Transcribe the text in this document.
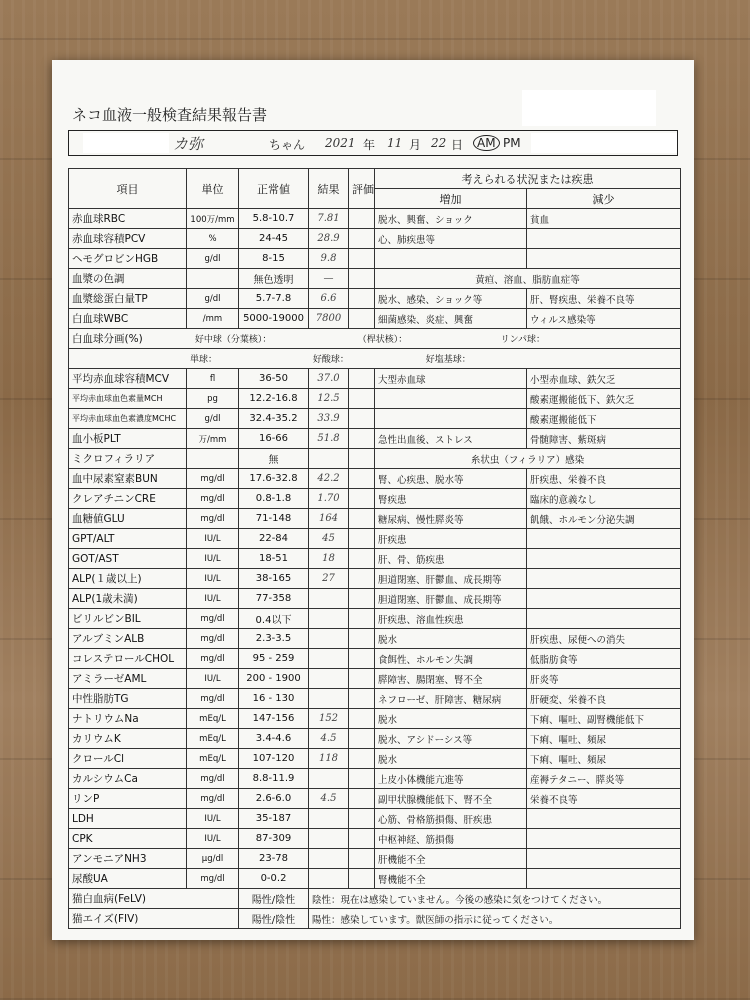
ネコ血液一般検査結果報告書
カ弥	ちゃん 2021 年 11 月 22 日	AM PM
項目	単位	正常値	結果	評価	考えられる状況または疾患	
					増加	減少
赤血球RBC	100万/mm	5.8-10.7	7.81		脱水、興奮、ショック	貧血
赤血球容積PCV	%	24-45	28.9		心、肺疾患等	
ヘモグロビンHGB	g/dl	8-15	9.8			
血漿の色調		無色透明	—		黄疸、溶血、脂肪血症等	
血漿総蛋白量TP	g/dl	5.7-7.8	6.6		脱水、感染、ショック等	肝、腎疾患、栄養不良等
白血球WBC	/mm	5000-19000	7800		細菌感染、炎症、興奮	ウィルス感染等
白血球分画(%) 好中球（分葉核）： （桿状核）： リンパ球：						
単球： 好酸球： 好塩基球：						
平均赤血球容積MCV	fl	36-50	37.0		大型赤血球	小型赤血球、鉄欠乏
平均赤血球血色素量MCH	pg	12.2-16.8	12.5			酸素運搬能低下、鉄欠乏
平均赤血球血色素濃度MCHC	g/dl	32.4-35.2	33.9			酸素運搬能低下
血小板PLT	万/mm	16-66	51.8		急性出血後、ストレス	骨髄障害、紫斑病
ミクロフィラリア		無			糸状虫（フィラリア）感染	
血中尿素窒素BUN	mg/dl	17.6-32.8	42.2		腎、心疾患、脱水等	肝疾患、栄養不良
クレアチニンCRE	mg/dl	0.8-1.8	1.70		腎疾患	臨床的意義なし
血糖値GLU	mg/dl	71-148	164		糖尿病、慢性膵炎等	飢餓、ホルモン分泌失調
GPT/ALT	IU/L	22-84	45		肝疾患	
GOT/AST	IU/L	18-51	18		肝、骨、筋疾患	
ALP(１歳以上)	IU/L	38-165	27		胆道閉塞、肝鬱血、成長期等	
ALP(1歳未満)	IU/L	77-358			胆道閉塞、肝鬱血、成長期等	
ビリルビンBIL	mg/dl	0.4以下			肝疾患、溶血性疾患	
アルブミンALB	mg/dl	2.3-3.5			脱水	肝疾患、尿便への消失
コレステロールCHOL	mg/dl	95 - 259			食餌性、ホルモン失調	低脂肪食等
アミラーゼAML	IU/L	200 - 1900			膵障害、腸閉塞、腎不全	肝炎等
中性脂肪TG	mg/dl	16 - 130			ネフローゼ、肝障害、糖尿病	肝硬変、栄養不良
ナトリウムNa	mEq/L	147-156	152		脱水	下痢、嘔吐、副腎機能低下
カリウムK	mEq/L	3.4-4.6	4.5		脱水、アシドーシス等	下痢、嘔吐、頻尿
クロールCl	mEq/L	107-120	118		脱水	下痢、嘔吐、頻尿
カルシウムCa	mg/dl	8.8-11.9			上皮小体機能亢進等	産褥テタニー、膵炎等
リンP	mg/dl	2.6-6.0	4.5		副甲状腺機能低下、腎不全	栄養不良等
LDH	IU/L	35-187			心筋、骨格筋損傷、肝疾患	
CPK	IU/L	87-309			中枢神経、筋損傷	
アンモニアNH3	μg/dl	23-78			肝機能不全	
尿酸UA	mg/dl	0-0.2			腎機能不全	
猫白血病(FeLV)		陽性/陰性	陰性：現在は感染していません。今後の感染に気をつけてください。			
猫エイズ(FIV)		陽性/陰性	陽性：感染しています。獣医師の指示に従ってください。			
